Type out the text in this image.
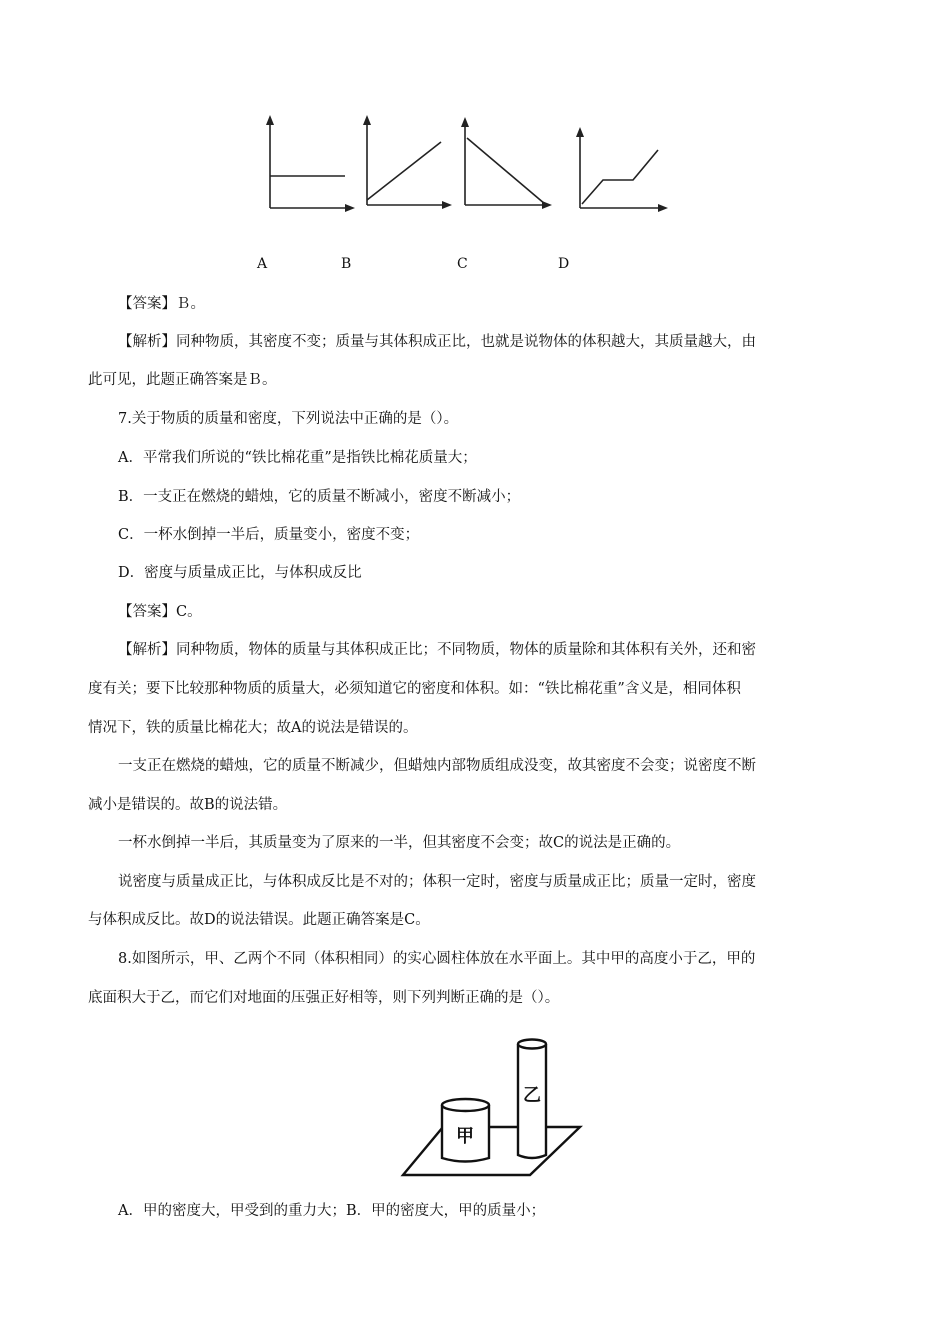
A	B	C	D
【答案】Ｂ。
【解析】同种物质，其密度不变；质量与其体积成正比，也就是说物体的体积越大，其质量越大，由
此可见，此题正确答案是Ｂ。
7.关于物质的质量和密度，下列说法中正确的是（）。
A．平常我们所说的“铁比棉花重”是指铁比棉花质量大；
B．一支正在燃烧的蜡烛，它的质量不断减小，密度不断减小；
C．一杯水倒掉一半后，质量变小，密度不变；
D．密度与质量成正比，与体积成反比
【答案】C。
【解析】同种物质，物体的质量与其体积成正比；不同物质，物体的质量除和其体积有关外，还和密
度有关；要下比较那种物质的质量大，必须知道它的密度和体积。如：“铁比棉花重”含义是，相同体积
情况下，铁的质量比棉花大；故A的说法是错误的。
一支正在燃烧的蜡烛，它的质量不断减少，但蜡烛内部物质组成没变，故其密度不会变；说密度不断
减小是错误的。故B的说法错。
一杯水倒掉一半后，其质量变为了原来的一半，但其密度不会变；故C的说法是正确的。
说密度与质量成正比，与体积成反比是不对的；体积一定时，密度与质量成正比；质量一定时，密度
与体积成反比。故D的说法错误。此题正确答案是C。
8.如图所示，甲、乙两个不同（体积相同）的实心圆柱体放在水平面上。其中甲的高度小于乙，甲的
底面积大于乙，而它们对地面的压强正好相等，则下列判断正确的是（）。
甲
乙
A．甲的密度大，甲受到的重力大；B．甲的密度大，甲的质量小；
